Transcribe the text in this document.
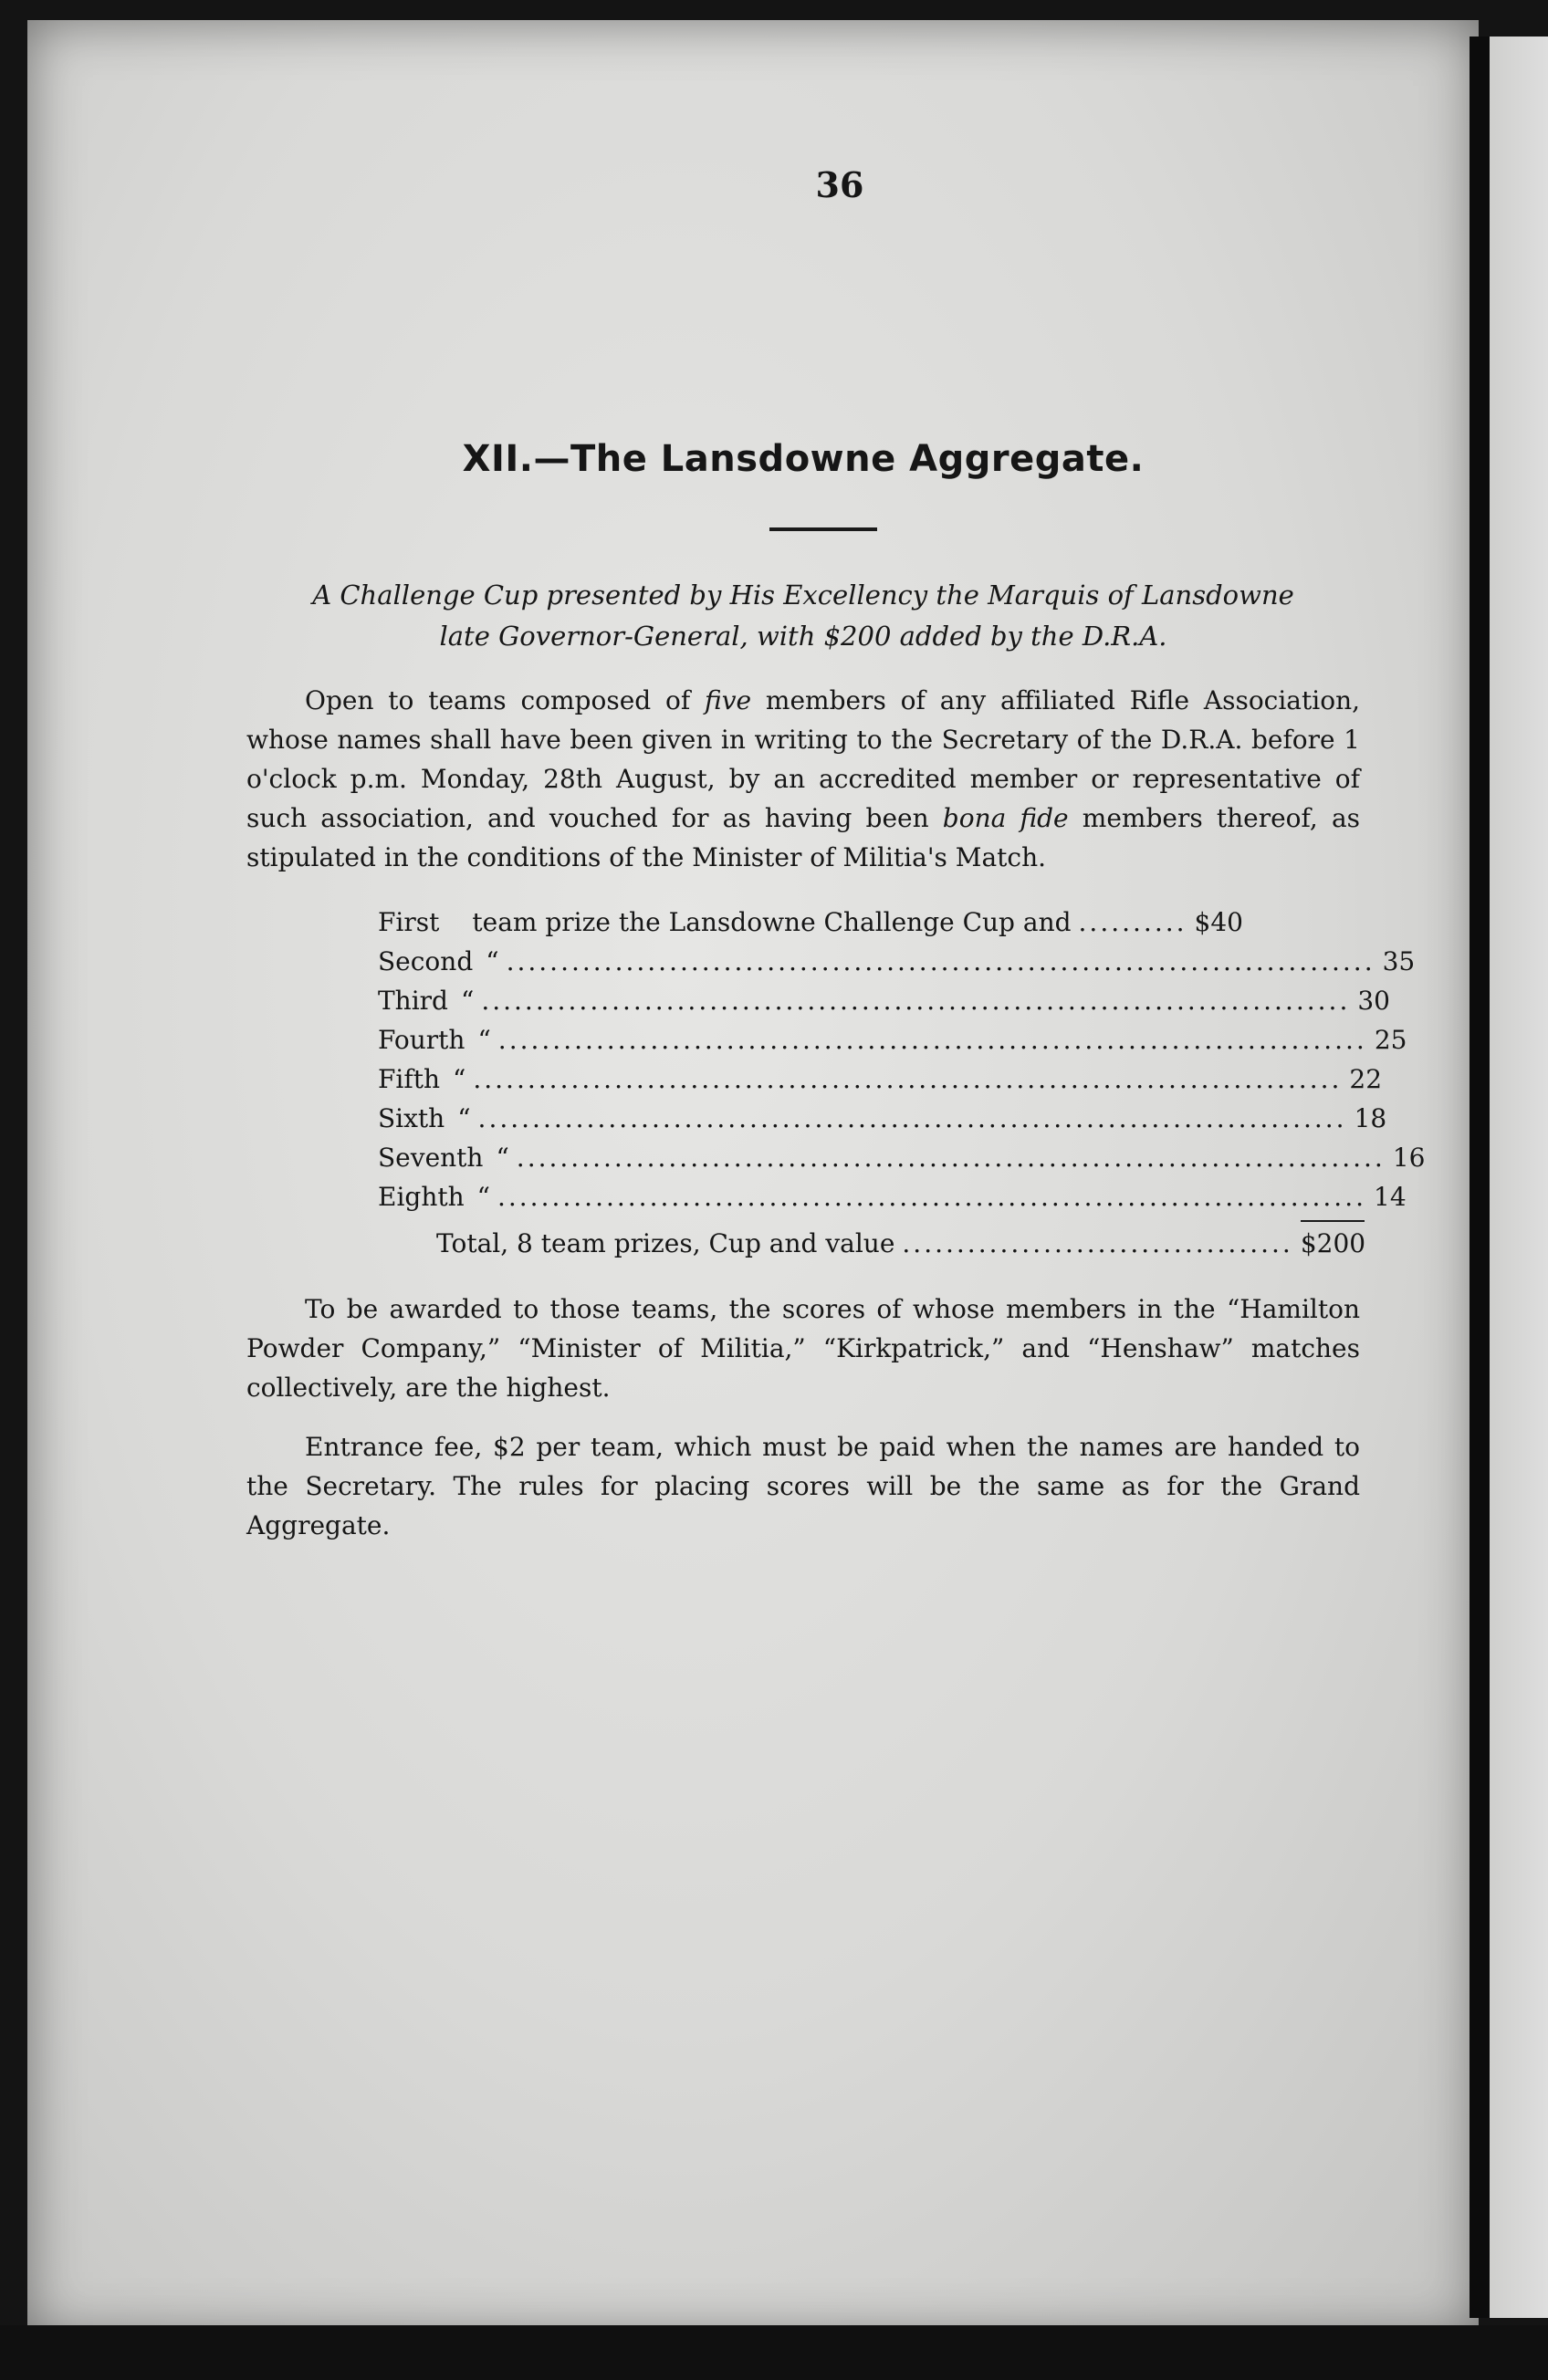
36
XII.—The Lansdowne Aggregate.
A Challenge Cup presented by His Excellency the Marquis of Lansdowne
late Governor-General, with $200 added by the D.R.A.

Open to teams composed of five members of any affiliated Rifle Association, whose names shall have been given in writing to the Secretary of the D.R.A. before 1 o'clock p.m. Monday, 28th August, by an accredited member or representative of such association, and vouched for as having been bona fide members thereof, as stipulated in the conditions of the Minister of Militia's Match.

First	team prize the Lansdowne Challenge Cup and .......... $40
Second “ ................................................................................ 35
Third “ ................................................................................ 30
Fourth “ ................................................................................ 25
Fifth “ ................................................................................ 22
Sixth “ ................................................................................ 18
Seventh “ ................................................................................ 16
Eighth “ ................................................................................ 14
Total, 8 team prizes, Cup and value .................................... $200

To be awarded to those teams, the scores of whose members in the “Hamilton Powder Company,” “Minister of Militia,” “Kirkpatrick,” and “Henshaw” matches collectively, are the highest.

Entrance fee, $2 per team, which must be paid when the names are handed to the Secretary. The rules for placing scores will be the same as for the Grand Aggregate.
